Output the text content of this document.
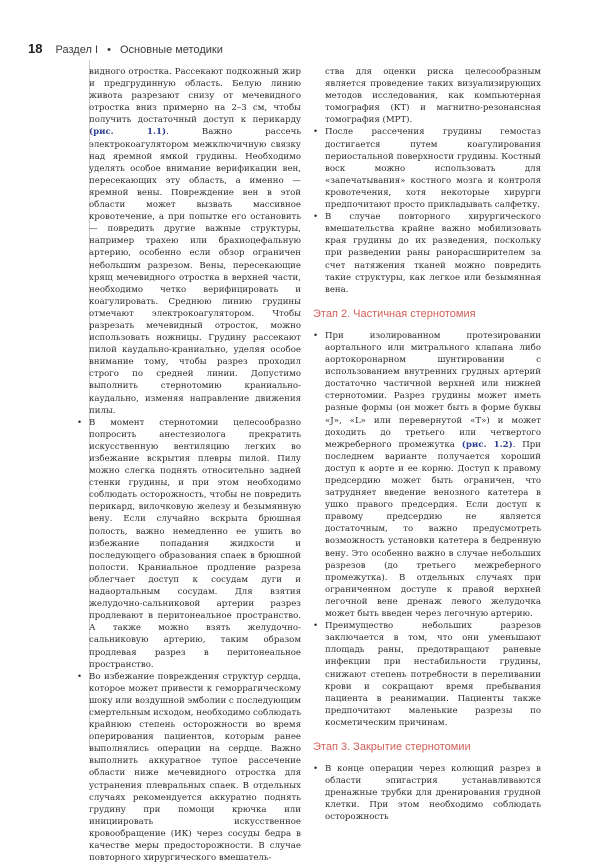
18 Раздел I • Основные методики

видного отростка. Рассекают подкожный жир и предгрудинную область. Белую линию живота разрезают снизу от мечевидного отростка вниз примерно на 2–3 см, чтобы получить достаточный доступ к перикарду (рис. 1.1). Важно рассечь электрокоагулятором межключичную связку над яремной ямкой грудины. Необходимо уделять особое внимание верификации вен, пересекающих эту область, а именно — яремной вены. Повреждение вен в этой области может вызвать массивное кровотечение, а при попытке его остановить — повредить другие важные структуры, например трахею или брахиоцефальную артерию, особенно если обзор ограничен небольшим разрезом. Вены, пересекающие хрящ мечевидного отростка в верхней части, необходимо четко верифицировать и коагулировать. Среднюю линию грудины отмечают электрокоагулятором. Чтобы разрезать мечевидный отросток, можно использовать ножницы. Грудину рассекают пилой каудально-краниально, уделяя особое внимание тому, чтобы разрез проходил строго по средней линии. Допустимо выполнить стернотомию краниально-каудально, изменяя направление движения пилы.

• В момент стернотомии целесообразно попросить анестезиолога прекратить искусственную вентиляцию легких во избежание вскрытия плевры пилой. Пилу можно слегка поднять относительно задней стенки грудины, и при этом необходимо соблюдать осторожность, чтобы не повредить перикард, вилочковую железу и безымянную вену. Если случайно вскрыта брюшная полость, важно немедленно ее ушить во избежание попадания жидкости и последующего образования спаек в брюшной полости. Краниальное продление разреза облегчает доступ к сосудам дуги и надаортальным сосудам. Для взятия желудочно-сальниковой артерии разрез продлевают в перитонеальное пространство. А также можно взять желудочно-сальниковую артерию, таким образом продлевая разрез в перитонеальное пространство.

• Во избежание повреждения структур сердца, которое может привести к геморрагическому шоку или воздушной эмболии с последующим смертельным исходом, необходимо соблюдать крайнюю степень осторожности во время оперирования пациентов, которым ранее выполнялись операции на сердце. Важно выполнить аккуратное тупое рассечение области ниже мечевидного отростка для устранения плевральных спаек. В отдельных случаях рекомендуется аккуратно поднять грудину при помощи крючка или инициировать искусственное кровообращение (ИК) через сосуды бедра в качестве меры предосторожности. В случае повторного хирургического вмешатель-

ства для оценки риска целесообразным является проведение таких визуализирующих методов исследования, как компьютерная томография (КТ) и магнитно-резонансная томография (МРТ).

• После рассечения грудины гемостаз достигается путем коагулирования периостальной поверхности грудины. Костный воск можно использовать для «запечатывания» костного мозга и контроля кровотечения, хотя некоторые хирурги предпочитают просто прикладывать салфетку.

• В случае повторного хирургического вмешательства крайне важно мобилизовать края грудины до их разведения, поскольку при разведении раны ранорасширителем за счет натяжения тканей можно повредить такие структуры, как легкое или безымянная вена.

Этап 2. Частичная стернотомия

• При изолированном протезировании аортального или митрального клапана либо аортокоронарном шунтировании с использованием внутренних грудных артерий достаточно частичной верхней или нижней стернотомии. Разрез грудины может иметь разные формы (он может быть в форме буквы «J», «L» или перевернутой «Т») и может доходить до третьего или четвертого межреберного промежутка (рис. 1.2). При последнем варианте получается хороший доступ к аорте и ее корню. Доступ к правому предсердию может быть ограничен, что затрудняет введение венозного катетера в ушко правого предсердия. Если доступ к правому предсердию не является достаточным, то важно предусмотреть возможность установки катетера в бедренную вену. Это особенно важно в случае небольших разрезов (до третьего межреберного промежутка). В отдельных случаях при ограниченном доступе к правой верхней легочной вене дренаж левого желудочка может быть введен через легочную артерию.

• Преимущество небольших разрезов заключается в том, что они уменьшают площадь раны, предотвращают раневые инфекции при нестабильности грудины, снижают степень потребности в переливании крови и сокращают время пребывания пациента в реанимации. Пациенты также предпочитают маленькие разрезы по косметическим причинам.

Этап 3. Закрытие стернотомии

• В конце операции через колющий разрез в области эпигастрия устанавливаются дренажные трубки для дренирования грудной клетки. При этом необходимо соблюдать осторожность
